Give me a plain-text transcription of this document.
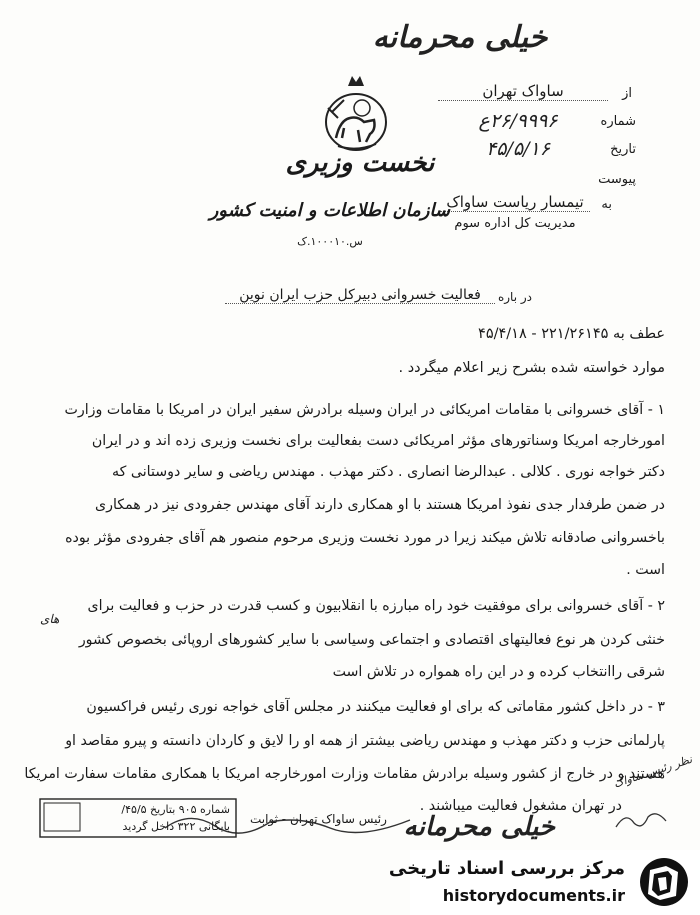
خیلی محرمانه
از
ساواک تهران
شماره
۲۶/۹۹۹۶ع
تاریخ
۴۵/۵/۱۶
پیوست
به
تیمسار ریاست ساواک
مدیریت کل اداره سوم
نخست وزیری
سازمان اطلاعات و امنیت کشور
س.۱۰۰۰۱۰.ک
در باره
فعالیت خسروانی دبیرکل حزب ایران نوین
عطف به ۲۲۱/۲۶۱۴۵ - ۴۵/۴/۱۸
موارد خواسته شده بشرح زیر اعلام میگردد .
۱ - آقای خسروانی با مقامات امریکائی در ایران وسیله برادرش سفیر ایران در امریکا با مقامات وزارت
امورخارجه امریکا وسناتورهای مؤثر امریکائی دست بفعالیت برای نخست وزیری زده اند و در ایران
دکتر خواجه نوری . کلالی . عبدالرضا انصاری . دکتر مهذب . مهندس ریاضی و سایر دوستانی که
در ضمن طرفدار جدی نفوذ امریکا هستند با او همکاری دارند آقای مهندس جفرودی نیز در همکاری
باخسروانی صادقانه تلاش میکند زیرا در مورد نخست وزیری مرحوم منصور هم آقای جفرودی مؤثر بوده
است .
۲ - آقای خسروانی برای موفقیت خود راه مبارزه با انقلابیون و کسب قدرت در حزب و فعالیت برای
های
خنثی کردن هر نوع فعالیتهای اقتصادی و اجتماعی وسیاسی با سایر کشورهای اروپائی بخصوص کشور
شرقی راانتخاب کرده و در این راه همواره در تلاش است
۳ - در داخل کشور مقاماتی که برای او فعالیت میکنند در مجلس آقای خواجه نوری رئیس فراکسیون
پارلمانی حزب و دکتر مهذب و مهندس ریاضی بیشتر از همه او را لایق و کاردان دانسته و پیرو مقاصد او
هستند و در خارج از کشور وسیله برادرش مقامات وزارت امورخارجه امریکا با همکاری مقامات سفارت امریکا
در تهران مشغول فعالیت میباشند .
نظر رئیس ساواک
رئیس ساواک تهران - ثوابت
شماره ۹۰۵ بتاریخ ۴۵/۵/
بایگانی ۳۲۲ داخل گردید	خیلی محرمانه
مرکز بررسی اسناد تاریخی
historydocuments.ir
